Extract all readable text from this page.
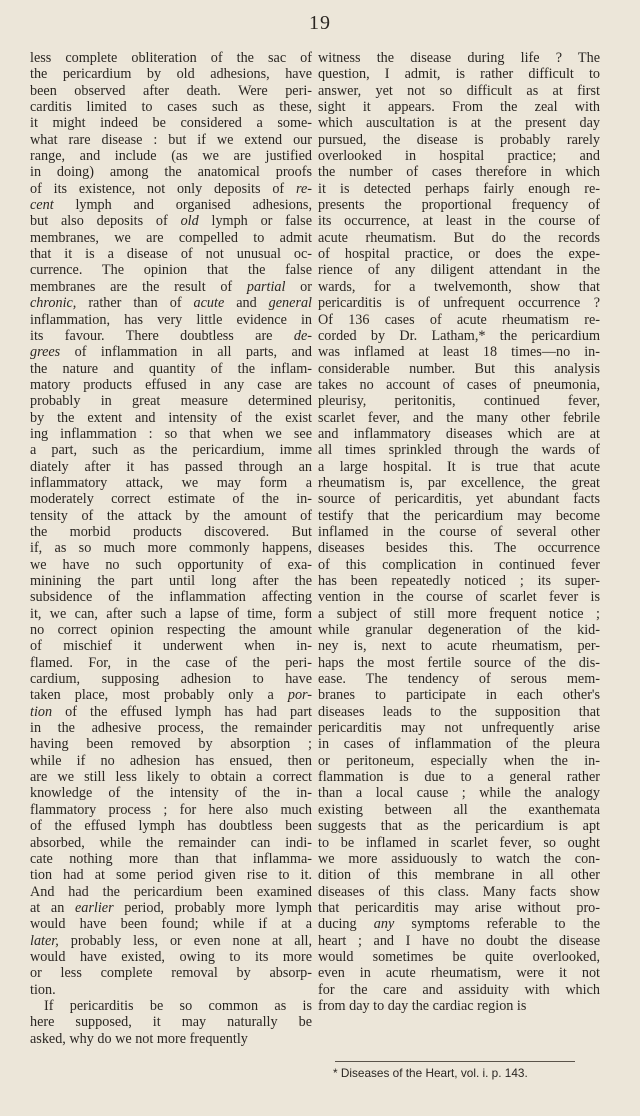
19
less complete obliteration of the sac of
the pericardium by old adhesions, have
been observed after death. Were peri-
carditis limited to cases such as these,
it might indeed be considered a some-
what rare disease : but if we extend our
range, and include (as we are justified
in doing) among the anatomical proofs
of its existence, not only deposits of re-
cent lymph and organised adhesions,
but also deposits of old lymph or false
membranes, we are compelled to admit
that it is a disease of not unusual oc-
currence. The opinion that the false
membranes are the result of partial or
chronic, rather than of acute and general
inflammation, has very little evidence in
its favour. There doubtless are de-
grees of inflammation in all parts, and
the nature and quantity of the inflam-
matory products effused in any case are
probably in great measure determined
by the extent and intensity of the exist
ing inflammation : so that when we see
a part, such as the pericardium, imme
diately after it has passed through an
inflammatory attack, we may form a
moderately correct estimate of the in-
tensity of the attack by the amount of
the morbid products discovered. But
if, as so much more commonly happens,
we have no such opportunity of exa-
minining the part until long after the
subsidence of the inflammation affecting
it, we can, after such a lapse of time, form
no correct opinion respecting the amount
of mischief it underwent when in-
flamed. For, in the case of the peri-
cardium, supposing adhesion to have
taken place, most probably only a por-
tion of the effused lymph has had part
in the adhesive process, the remainder
having been removed by absorption ;
while if no adhesion has ensued, then
are we still less likely to obtain a correct
knowledge of the intensity of the in-
flammatory process ; for here also much
of the effused lymph has doubtless been
absorbed, while the remainder can indi-
cate nothing more than that inflamma-
tion had at some period given rise to it.
And had the pericardium been examined
at an earlier period, probably more lymph
would have been found; while if at a
later, probably less, or even none at all,
would have existed, owing to its more
or less complete removal by absorp-
tion.
If pericarditis be so common as is
here supposed, it may naturally be
asked, why do we not more frequently
witness the disease during life ? The
question, I admit, is rather difficult to
answer, yet not so difficult as at first
sight it appears. From the zeal with
which auscultation is at the present day
pursued, the disease is probably rarely
overlooked in hospital practice; and
the number of cases therefore in which
it is detected perhaps fairly enough re-
presents the proportional frequency of
its occurrence, at least in the course of
acute rheumatism. But do the records
of hospital practice, or does the expe-
rience of any diligent attendant in the
wards, for a twelvemonth, show that
pericarditis is of unfrequent occurrence ?
Of 136 cases of acute rheumatism re-
corded by Dr. Latham,* the pericardium
was inflamed at least 18 times—no in-
considerable number. But this analysis
takes no account of cases of pneumonia,
pleurisy, peritonitis, continued fever,
scarlet fever, and the many other febrile
and inflammatory diseases which are at
all times sprinkled through the wards of
a large hospital. It is true that acute
rheumatism is, par excellence, the great
source of pericarditis, yet abundant facts
testify that the pericardium may become
inflamed in the course of several other
diseases besides this. The occurrence
of this complication in continued fever
has been repeatedly noticed ; its super-
vention in the course of scarlet fever is
a subject of still more frequent notice ;
while granular degeneration of the kid-
ney is, next to acute rheumatism, per-
haps the most fertile source of the dis-
ease. The tendency of serous mem-
branes to participate in each other's
diseases leads to the supposition that
pericarditis may not unfrequently arise
in cases of inflammation of the pleura
or peritoneum, especially when the in-
flammation is due to a general rather
than a local cause ; while the analogy
existing between all the exanthemata
suggests that as the pericardium is apt
to be inflamed in scarlet fever, so ought
we more assiduously to watch the con-
dition of this membrane in all other
diseases of this class. Many facts show
that pericarditis may arise without pro-
ducing any symptoms referable to the
heart ; and I have no doubt the disease
would sometimes be quite overlooked,
even in acute rheumatism, were it not
for the care and assiduity with which
from day to day the cardiac region is
* Diseases of the Heart, vol. i. p. 143.
